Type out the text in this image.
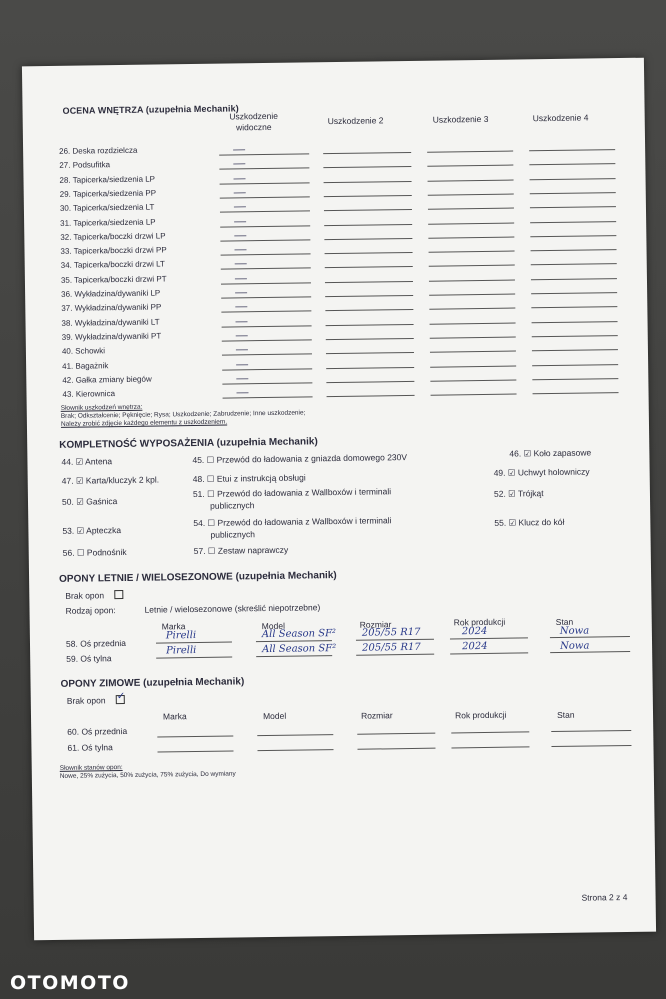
OCENA WNĘTRZA (uzupełnia Mechanik)
Uszkodzenie widoczne
Uszkodzenie 2	Uszkodzenie 3	Uszkodzenie 4
26. Deska rozdzielcza
27. Podsufitka
28. Tapicerka/siedzenia LP
29. Tapicerka/siedzenia PP
30. Tapicerka/siedzenia LT
31. Tapicerka/siedzenia LP
32. Tapicerka/boczki drzwi LP
33. Tapicerka/boczki drzwi PP
34. Tapicerka/boczki drzwi LT
35. Tapicerka/boczki drzwi PT
36. Wykładzina/dywaniki LP
37. Wykładzina/dywaniki PP
38. Wykładzina/dywaniki LT
39. Wykładzina/dywaniki PT
40. Schowki
41. Bagażnik
42. Gałka zmiany biegów
43. Kierownica
Słownik uszkodzeń wnętrza:
Brak; Odkształcenie; Pęknięcie; Rysa; Uszkodzenie; Zabrudzenie; Inne uszkodzenie;
Należy zrobić zdjęcie każdego elementu z uszkodzeniem.
KOMPLETNOŚĆ WYPOSAŻENIA (uzupełnia Mechanik)
44. ☑ Antena	45. ☐ Przewód do ładowania z gniazda domowego 230V	46. ☑ Koło zapasowe
47. ☑ Karta/kluczyk 2 kpl.	48. ☐ Etui z instrukcją obsługi
49. ☑ Uchwyt holowniczy
50. ☑ Gaśnica
51. ☐ Przewód do ładowania z Wallboxów i terminali
publicznych
52. ☑ Trójkąt
53. ☑ Apteczka
54. ☐ Przewód do ładowania z Wallboxów i terminali
publicznych
55. ☑ Klucz do kół
56. ☐ Podnośnik	57. ☐ Zestaw naprawczy
OPONY LETNIE / WIELOSEZONOWE (uzupełnia Mechanik)
Brak opon
Rodzaj opon:	Letnie / wielosezonowe (skreślić niepotrzebne)
Marka	Model	Rozmiar	Rok produkcji	Stan
58. Oś przednia
Pirelli	All Season SF²	205/55 R17	2024	Nowa
59. Oś tylna
Pirelli	All Season SF²	205/55 R17	2024	Nowa
OPONY ZIMOWE (uzupełnia Mechanik)
Brak opon ✓
Marka	Model	Rozmiar	Rok produkcji	Stan
60. Oś przednia
61. Oś tylna
Słownik stanów opon:
Nowe, 25% zużycia, 50% zużycia, 75% zużycia, Do wymiany
Strona 2 z 4
OTOMOTO
